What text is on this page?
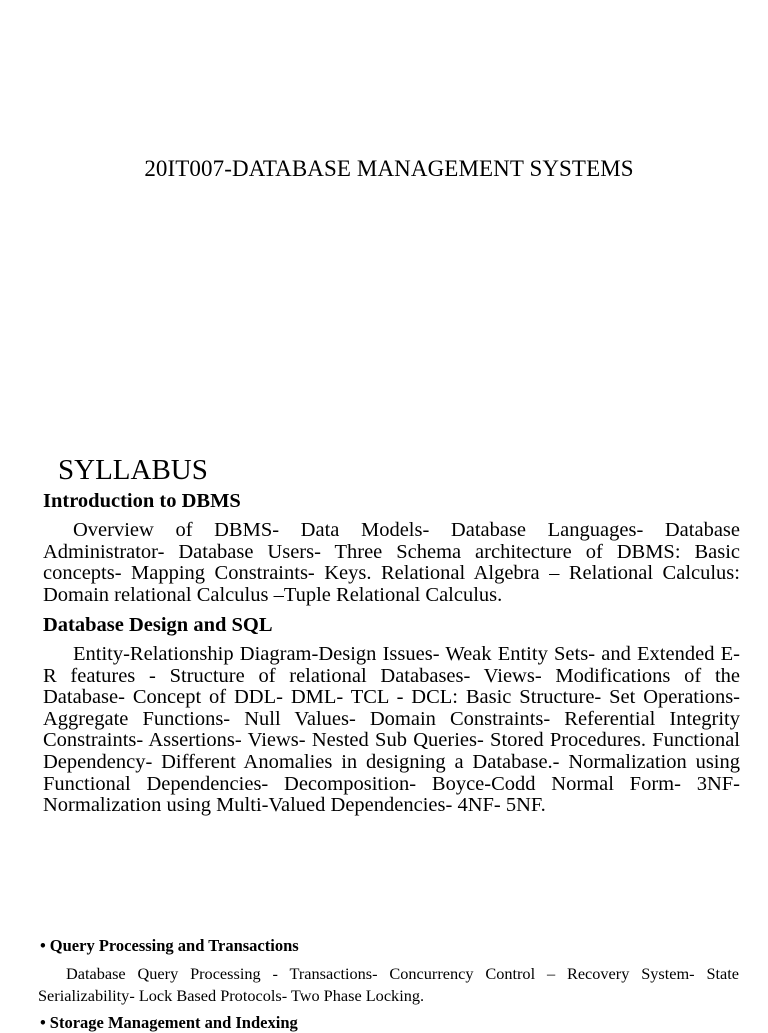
20IT007-DATABASE MANAGEMENT SYSTEMS
SYLLABUS
Introduction to DBMS

Overview of DBMS- Data Models- Database Languages- Database Administrator- Database Users- Three Schema architecture of DBMS: Basic concepts- Mapping Constraints- Keys. Relational Algebra – Relational Calculus: Domain relational Calculus –Tuple Relational Calculus.

Database Design and SQL

Entity-Relationship Diagram-Design Issues- Weak Entity Sets- and Extended E-R features - Structure of relational Databases- Views- Modifications of the Database- Concept of DDL- DML- TCL - DCL: Basic Structure- Set Operations- Aggregate Functions- Null Values- Domain Constraints- Referential Integrity Constraints- Assertions- Views- Nested Sub Queries- Stored Procedures. Functional Dependency- Different Anomalies in designing a Database.- Normalization using Functional Dependencies- Decomposition- Boyce-Codd Normal Form- 3NF- Normalization using Multi-Valued Dependencies- 4NF- 5NF.

• Query Processing and Transactions

Database Query Processing - Transactions- Concurrency Control – Recovery System- State Serializability- Lock Based Protocols- Two Phase Locking.

• Storage Management and Indexing
